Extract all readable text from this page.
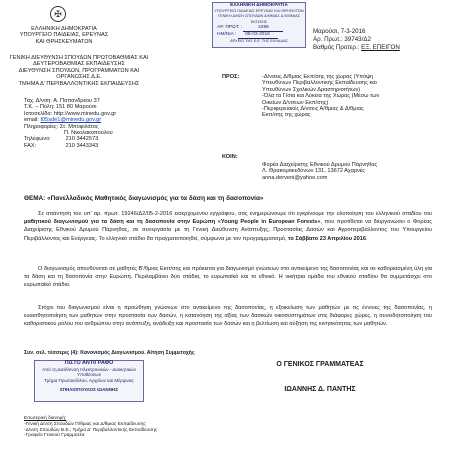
✠
ΕΛΛΗΝΙΚΗ ΔΗΜΟΚΡΑΤΙΑ
ΥΠΟΥΡΓΕΙΟ ΠΑΙΔΕΙΑΣ, ΕΡΕΥΝΑΣ
ΚΑΙ ΘΡΗΣΚΕΥΜΑΤΩΝ
ΓΕΝΙΚΗ ΔΙΕΥΘΥΝΣΗ ΣΠΟΥΔΩΝ ΠΡΩΤΟΒΑΘΜΙΑΣ ΚΑΙ
ΔΕΥΤΕΡΟΒΑΘΜΙΑΣ ΕΚΠΑΙΔΕΥΣΗΣ
ΔΙΕΥΘΥΝΣΗ ΣΠΟΥΔΩΝ, ΠΡΟΓΡΑΜΜΑΤΩΝ ΚΑΙ
ΟΡΓΑΝΩΣΗΣ Δ.Ε.
ΤΜΗΜΑ Δ' ΠΕΡΙΒΑΛΛΟΝΤΙΚΗΣ ΕΚΠΑΙΔΕΥΣΗΣ
Ταχ. Δ/νση: Α. Παπανδρέου 37
Τ.Κ. – Πόλη: 151 80 Μαρούσι
Ιστοσελίδα: http://www.minedu.gov.gr
email: t05sde1@minedu.gov.gr
Πληροφορίες: Στ. Μποφιλάτος
Π. Νικολακοπούλου
Τηλέφωνο:	210 3442573
FAX:	210 3443343
ΕΛΛΗΝΙΚΗ ΔΗΜΟΚΡΑΤΙΑ
ΥΠΟΥΡΓΕΙΟ ΠΑΙΔΕΙΑΣ ΕΡΕΥΝΑΣ ΚΑΙ ΘΡΗΣΚ/ΤΩΝ
ΓΕΝΙΚΗ Δ/ΝΣΗ ΣΠΟΥΔΩΝ Α/ΘΜΙΑΣ & Β/ΘΜΙΑΣ
ΕΚΠ/ΣΗΣ
ΑΡ. ΠΡΩΤ. :	4396
ΗΜ/ΝΙΑ : 05-03-2016
ΑΡΧΕΙΟ ΤΗΣ Ε.Ε. ΤΗΣ ΕΛΛΑΔΑΣ
Μαρούσι, 7-3-2016
Αρ. Πρωτ.: 39743/Δ2
Βαθμός Προτερ.: ΕΞ. ΕΠΕΙΓΟΝ
ΠΡΟΣ:	-Δ/νσεις Δ/θμιας Εκπ/σης της χώρας (Υπόψη
Υπευθύνων Περιβαλλοντικής Εκπαίδευσης και
Υπευθύνων Σχολικών Δραστηριοτήτων)
-Όλα τα Γ/σια και Λύκεια της Χώρας (Μέσω των
Οικείων Δ/νσεων Εκπ/σης)
-Περιφερειακές Δ/νσεις Α/θμιας & Δ/θμιας
Εκπ/σης της χώρας
ΚΟΙΝ:
Φορέα Διαχείρισης Εθνικού Δρυμού Πάρνηθας
Λ. Θρακομακεδόνων 131, 13672 Αχαρνές
anna.derveni@yahoo.com
ΘΕΜΑ: «Πανελλαδικός Μαθητικός διαγωνισμός για τα δάση και τη δασοπονία»
Σε απάντηση του υπ' αρ. πρωτ. 19246/Δ2/05-2-2016 εισερχομένου εγγράφου, σας ενημερώνουμε ότι εγκρίνουμε την υλοποίηση του ελληνικού σταδίου του μαθητικού διαγωνισμού για τα δάση και τη δασοπονία στην Ευρώπη «Young People in European Forests», που προτίθεται να διοργανώσει ο Φορέας Διαχείρισης Εθνικού Δρυμού Πάρνηθας, σε συνεργασία με τη Γενική Διεύθυνση Ανάπτυξης, Προστασίας Δασών και Αγροπεριβάλλοντος του Υπουργείου Περιβάλλοντος και Ενέργειας. Το ελληνικό στάδιο θα πραγματοποιηθεί, σύμφωνα με τον προγραμματισμό, το Σάββατο 23 Απριλίου 2016.
Ο διαγωνισμός απευθύνεται σε μαθητές Β'/θμιας Εκπ/σης και πρόκειται για διαγωνισμό γνώσεων στο αντικείμενο της δασοπονίας και σε καθοριασμένη ύλη για τα δάση και τη δασοπονία στην Ευρώπη. Περιλαμβάνει δύο στάδια, το ευρωπαϊκό και το εθνικό. Η νικήτρια ομάδα του εθνικού σταδίου θα συμμετάσχει στο ευρωπαϊκό στάδιο.
Στόχοι του διαγωνισμού είναι η προώθηση γνώσεων στο αντικείμενο της δασοπονίας, η εξοικείωση των μαθητών με τις έννοιες της δασοπονίας, η ευαισθητοποίηση των μαθητών στην προστασία των δασών, η κατανόηση της αξίας των δασικών οικοσυστημάτων στις διάφορες χώρες, η συνειδητοποίηση του καθοριστικού ρόλου του ανθρώπου στην ανάπτυξη, ανάδειξη και προστασία των δασών και η βελτίωση και αύξηση της κινητικότητας των μαθητών.
Συν. σελ. τέσσερις (4): Κανονισμός Διαγωνισμού. Αίτηση Συμμετοχής
ΠΙΣΤΟ ΑΝΤΙΓΡΑΦΟ
Από τη Διεύθυνση Ηλεκτρονικών - Διοικητικών
Υποθέσεων
Τμήμα Πρωτοκόλλου, Αρχείων και Μέριμνας
ΣΠΗΛΙΟΠΟΥΛΟΣ ΙΩΑΝΝΗΣ
Ο ΓΕΝΙΚΟΣ ΓΡΑΜΜΑΤΕΑΣ
ΙΩΑΝΝΗΣ Δ. ΠΑΝΤΗΣ
Εσωτερική διανομή:
-Γενική Δ/νση Σπουδών Π/θμιας και Δ/θμιας Εκπαίδευσης
-Δ/νση Σπουδών Β.Ε., Τμήμα Δ' Περιβαλλοντικής Εκπαίδευσης
-Γραφείο Γενικού Γραμματέα
